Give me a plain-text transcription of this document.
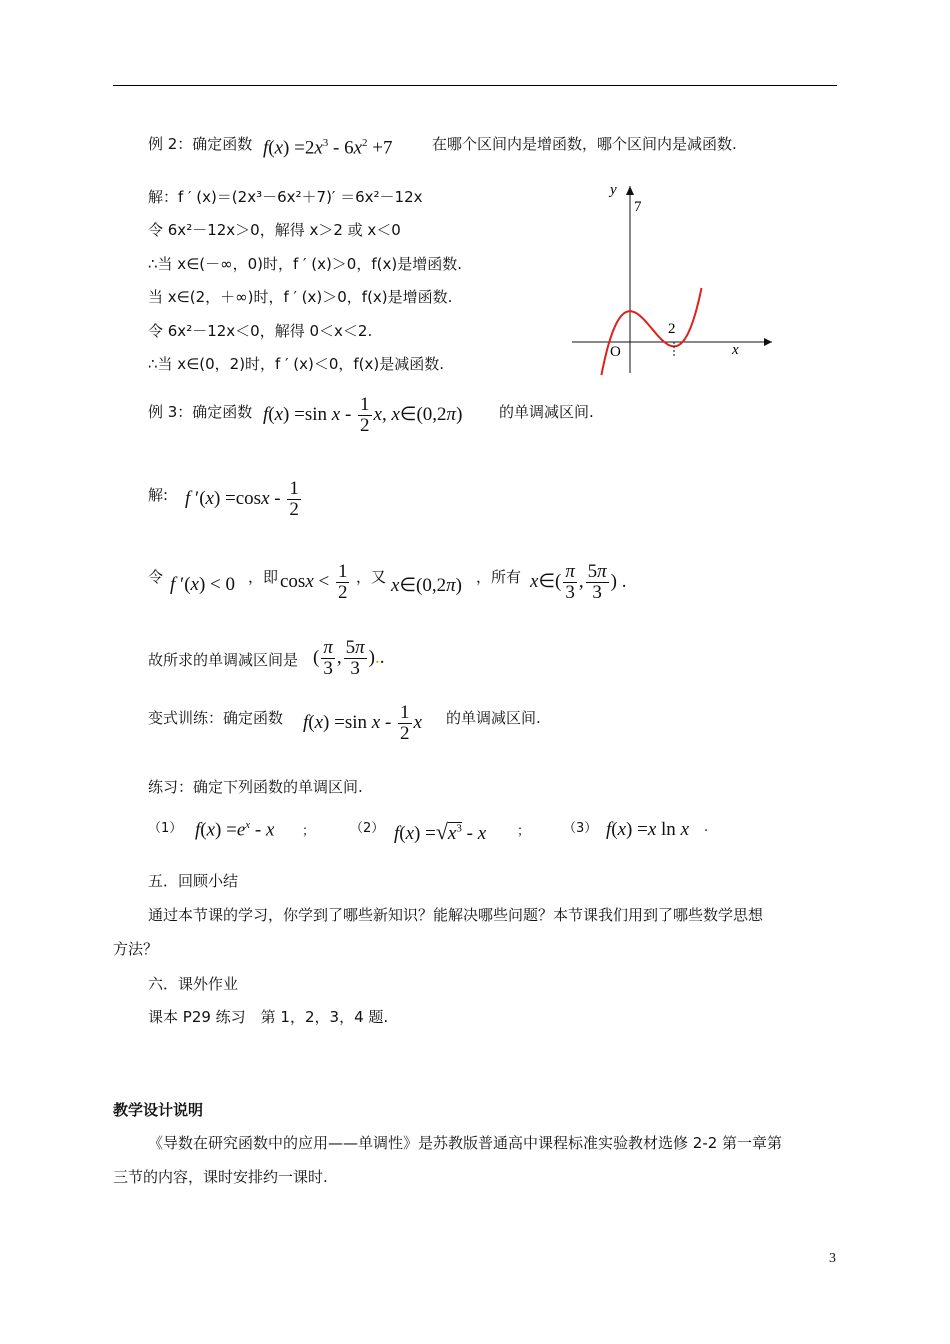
例 2：确定函数 $f(x) =2x^3 - 6x^2 +7$	在哪个区间内是增函数，哪个区间内是减函数.
解：f ′ (x)＝(2x³－6x²＋7)′ ＝6x²－12x
令 6x²－12x＞0，解得 x＞2 或 x＜0
∴当 x∈(－∞，0)时，f ′ (x)＞0，f(x)是增函数.
当 x∈(2，＋∞)时，f ′ (x)＞0，f(x)是增函数.
令 6x²－12x＜0，解得 0＜x＜2.
∴当 x∈(0，2)时，f ′ (x)＜0，f(x)是减函数.
y
x
O
7
2
例 3：确定函数 f(x) =sin x - $\frac{1}{2} x$, x∈(0,2π) 的单调减区间.
解: f $'(x) =\cos x - \frac{1}{2}$
令 f ′(x) < 0 ，即 $\cos x < \frac{1}{2}$ ，又 x∈(0,2π) ，所有 x∈( $\frac{\pi}{3}$ , $\frac{5\pi}{3}$ ) .
故所求的单调减区间是 ( $\frac{\pi}{3}$ , $\frac{5\pi}{3}$ )..
变式训练：确定函数 f(x) =sin x - $\frac{1}{2}$ x 的单调减区间.
练习：确定下列函数的单调区间.
（1） $f(x) =e^x - x$ ；	（2） $f(x) =√x^3 - x$ ；	（3） f(x) =x ln x .
五．回顾小结
通过本节课的学习，你学到了哪些新知识？能解决哪些问题？本节课我们用到了哪些数学思想
方法？
六．课外作业
课本 P29 练习　第 1，2，3，4 题.
教学设计说明
《导数在研究函数中的应用——单调性》是苏教版普通高中课程标准实验教材选修 2-2 第一章第
三节的内容，课时安排约一课时.
3
